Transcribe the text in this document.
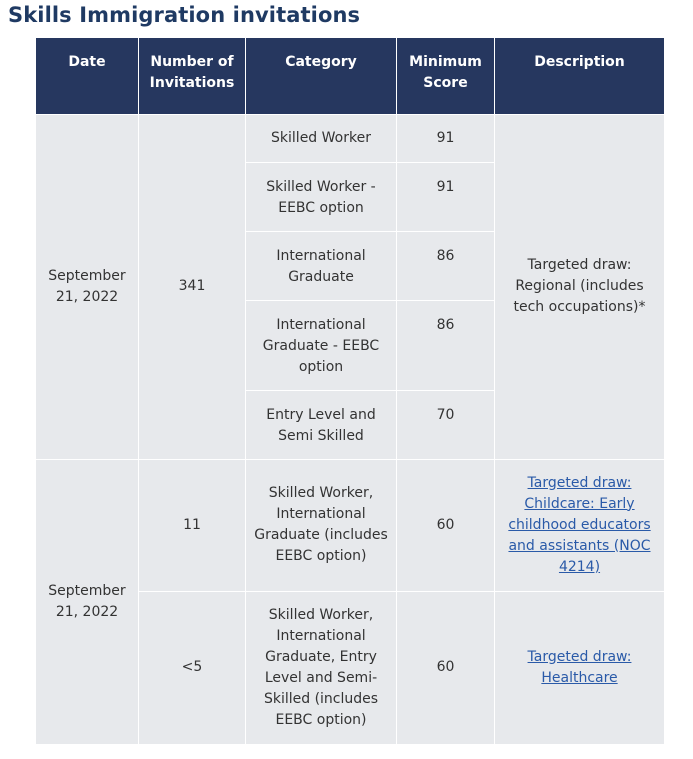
Skills Immigration invitations
Date	Number of Invitations	Category	Minimum Score	Description
September 21, 2022	341	Skilled Worker	91	Targeted draw: Regional (includes tech occupations)*
		Skilled Worker - EEBC option	91	
		International Graduate	86	
		International Graduate - EEBC option	86	
		Entry Level and Semi Skilled	70	
September 21, 2022	11	Skilled Worker, International Graduate (includes EEBC option)	60	Targeted draw: Childcare: Early childhood educators and assistants (NOC 4214)
	<5	Skilled Worker, International Graduate, Entry Level and Semi-Skilled (includes EEBC option)	60	Targeted draw: Healthcare
